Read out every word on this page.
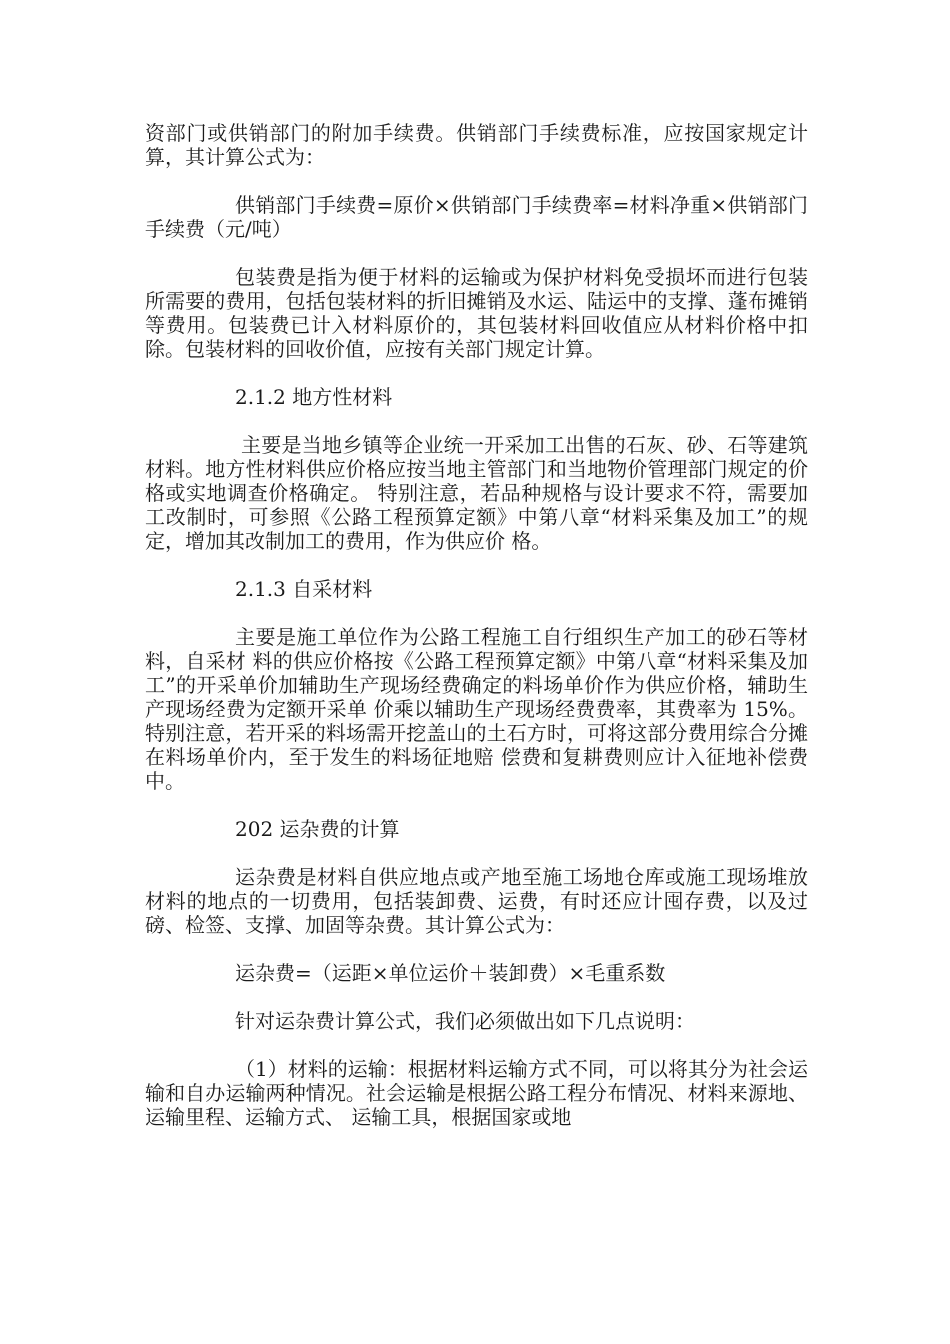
资部门或供销部门的附加手续费。供销部门手续费标准，应按国家规定计算，其计算公式为：

供销部门手续费=原价×供销部门手续费率=材料净重×供销部门手续费（元/吨）

包装费是指为便于材料的运输或为保护材料免受损坏而进行包装所需要的费用，包括包装材料的折旧摊销及水运、陆运中的支撑、蓬布摊销等费用。包装费已计入材料原价的，其包装材料回收值应从材料价格中扣除。包装材料的回收价值，应按有关部门规定计算。

2.1.2 地方性材料

主要是当地乡镇等企业统一开采加工出售的石灰、砂、石等建筑材料。地方性材料供应价格应按当地主管部门和当地物价管理部门规定的价格或实地调查价格确定。 特别注意，若品种规格与设计要求不符，需要加工改制时，可参照《公路工程预算定额》中第八章“材料采集及加工”的规定，增加其改制加工的费用，作为供应价 格。

2.1.3 自采材料

主要是施工单位作为公路工程施工自行组织生产加工的砂石等材料，自采材 料的供应价格按《公路工程预算定额》中第八章“材料采集及加工”的开采单价加辅助生产现场经费确定的料场单价作为供应价格，辅助生产现场经费为定额开采单 价乘以辅助生产现场经费费率，其费率为 15%。特别注意，若开采的料场需开挖盖山的土石方时，可将这部分费用综合分摊在料场单价内，至于发生的料场征地赔 偿费和复耕费则应计入征地补偿费中。

202 运杂费的计算

运杂费是材料自供应地点或产地至施工场地仓库或施工现场堆放材料的地点的一切费用，包括装卸费、运费，有时还应计囤存费，以及过磅、检签、支撑、加固等杂费。其计算公式为：

运杂费=（运距×单位运价＋装卸费）×毛重系数

针对运杂费计算公式，我们必须做出如下几点说明：

（1）材料的运输：根据材料运输方式不同，可以将其分为社会运输和自办运输两种情况。社会运输是根据公路工程分布情况、材料来源地、运输里程、运输方式、 运输工具，根据国家或地
